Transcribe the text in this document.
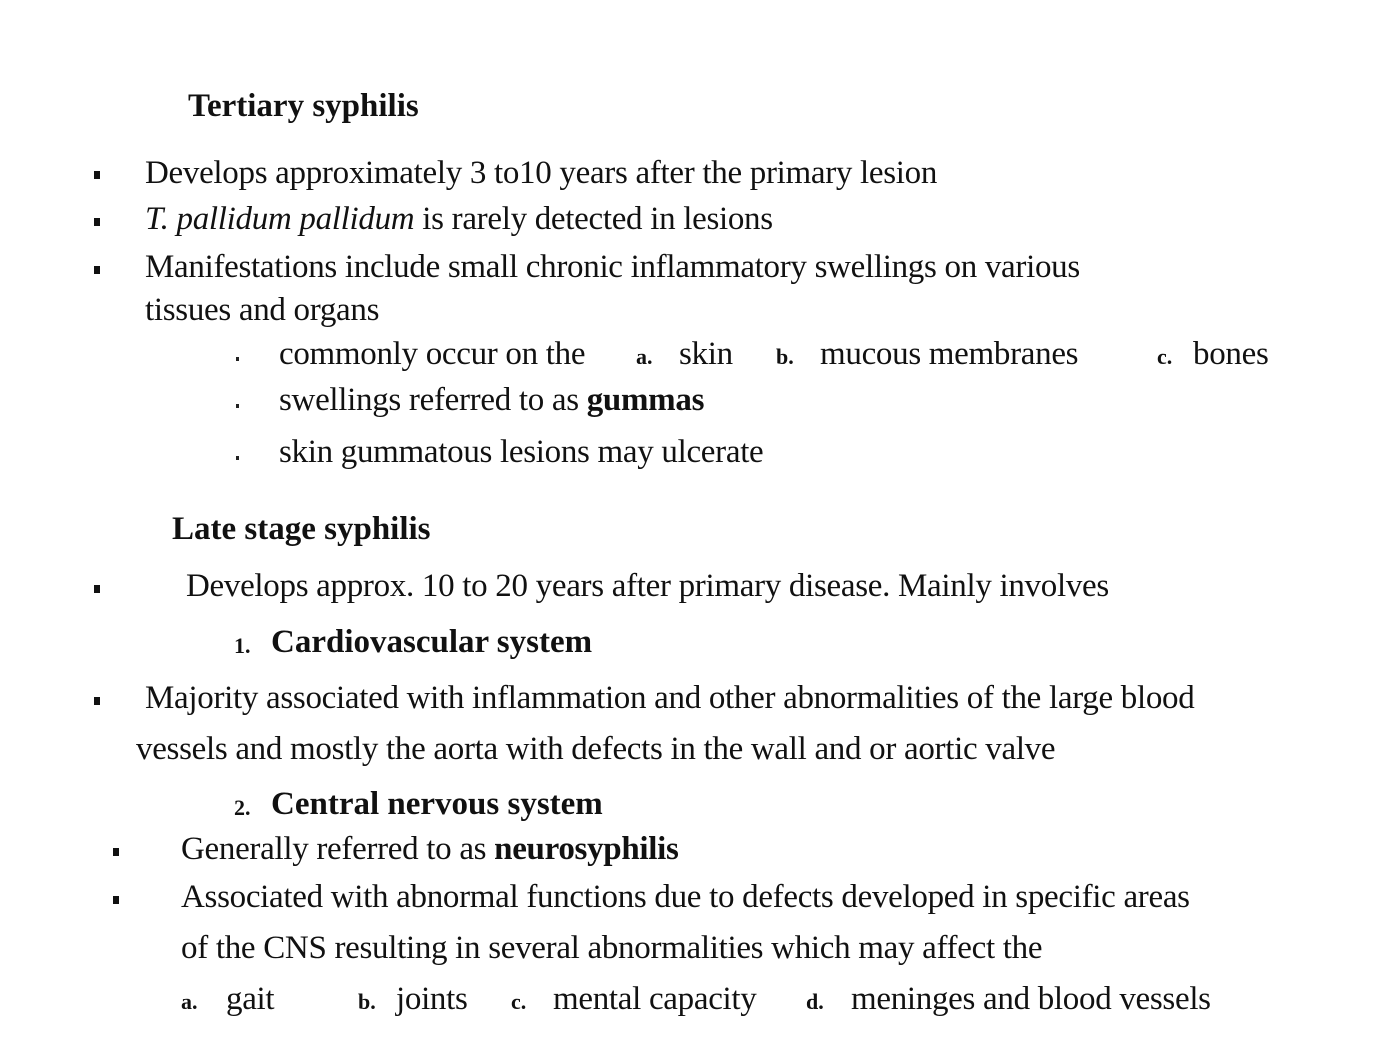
Tertiary syphilis
Develops approximately 3 to10 years after the primary lesion
T. pallidum pallidum is rarely detected in lesions
Manifestations include small chronic inflammatory swellings on various
tissues and organs
commonly occur on the a. skin b. mucous membranes	c. bones
swellings referred to as gummas
skin gummatous lesions may ulcerate
Late stage syphilis
Develops approx. 10 to 20 years after primary disease. Mainly involves
1. Cardiovascular system
Majority associated with inflammation and other abnormalities of the large blood
vessels and mostly the aorta with defects in the wall and or aortic valve
2. Central nervous system
Generally referred to as neurosyphilis
Associated with abnormal functions due to defects developed in specific areas
of the CNS resulting in several abnormalities which may affect the
a. gait	b. joints c. mental capacity d. meninges and blood vessels
